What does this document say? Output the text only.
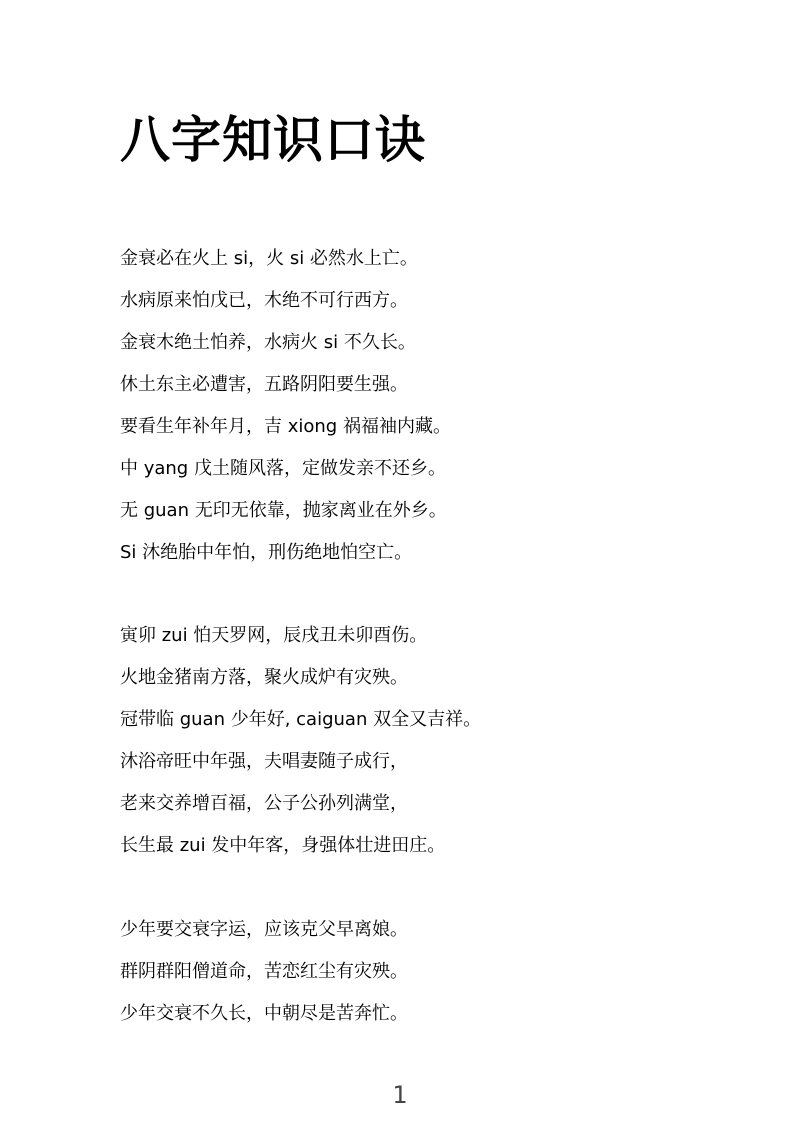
八字知识口诀

金衰必在火上 si，火 si 必然水上亡。

水病原来怕戊已，木绝不可行西方。

金衰木绝土怕养，水病火 si 不久长。

休土东主必遭害，五路阴阳要生强。

要看生年补年月，吉 xiong 祸福袖内藏。

中 yang 戊土随风落，定做发亲不还乡。

无 guan 无印无依靠，抛家离业在外乡。

Si 沐绝胎中年怕，刑伤绝地怕空亡。

寅卯 zui 怕天罗网，辰戌丑未卯酉伤。

火地金猪南方落，聚火成炉有灾殃。

冠带临 guan 少年好, caiguan 双全又吉祥。

沐浴帝旺中年强，夫唱妻随子成行，

老来交养增百福，公子公孙列满堂，

长生最 zui 发中年客，身强体壮进田庄。

少年要交衰字运，应该克父早离娘。

群阴群阳僧道命，苦恋红尘有灾殃。

少年交衰不久长，中朝尽是苦奔忙。

1
